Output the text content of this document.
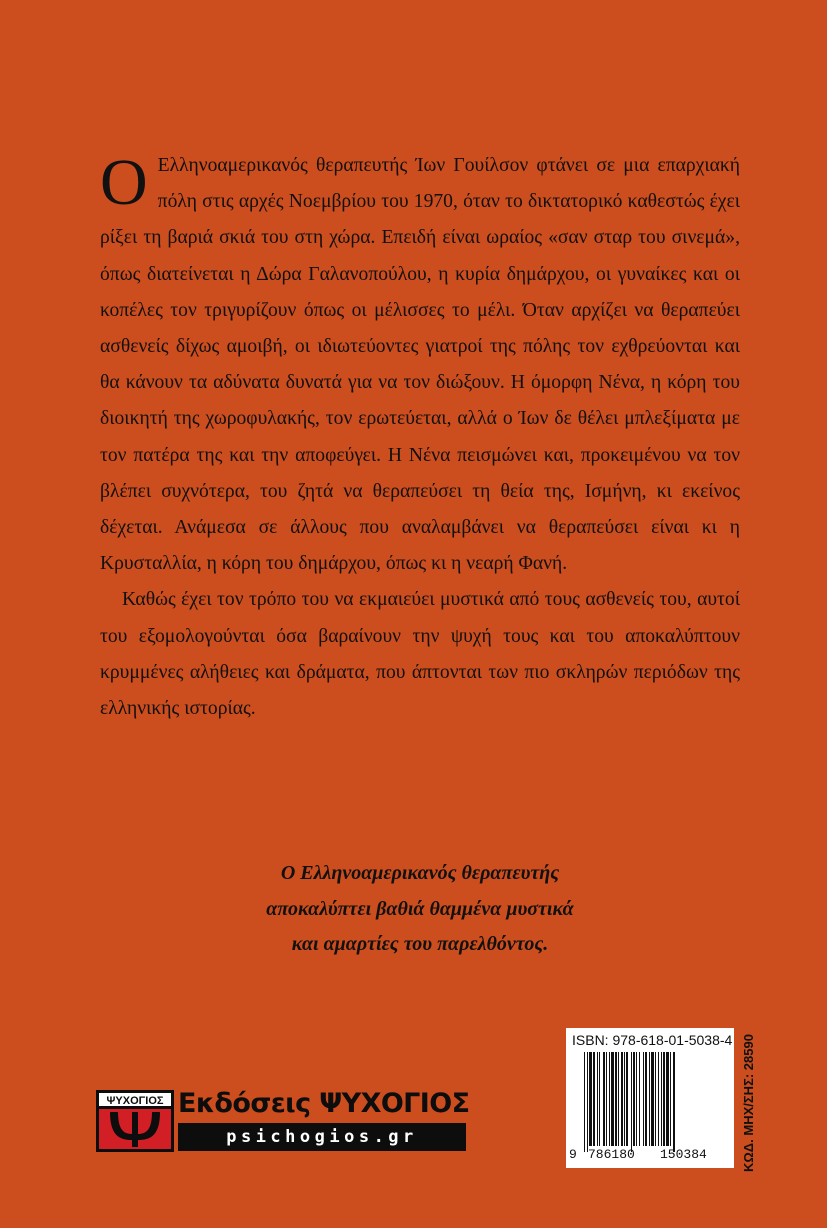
Ο Ελληνοαμερικανός θεραπευτής Ίων Γουίλσον φτάνει σε μια επαρχιακή πόλη στις αρχές Νοεμβρίου του 1970, όταν το δικτατορικό καθεστώς έχει ρίξει τη βαριά σκιά του στη χώρα. Επειδή είναι ωραίος «σαν σταρ του σινεμά», όπως διατείνεται η Δώρα Γαλανοπούλου, η κυρία δημάρχου, οι γυναίκες και οι κοπέλες τον τριγυρίζουν όπως οι μέλισσες το μέλι. Όταν αρχίζει να θεραπεύει ασθενείς δίχως αμοιβή, οι ιδιωτεύοντες γιατροί της πόλης τον εχθρεύονται και θα κάνουν τα αδύνατα δυνατά για να τον διώξουν. Η όμορφη Νένα, η κόρη του διοικητή της χωροφυλακής, τον ερωτεύεται, αλλά ο Ίων δε θέλει μπλεξίματα με τον πατέρα της και την αποφεύγει. Η Νένα πεισμώνει και, προκειμένου να τον βλέπει συχνότερα, του ζητά να θεραπεύσει τη θεία της, Ισμήνη, κι εκείνος δέχεται. Ανάμεσα σε άλλους που αναλαμβάνει να θεραπεύσει είναι κι η Κρυσταλλία, η κόρη του δημάρχου, όπως κι η νεαρή Φανή.

Καθώς έχει τον τρόπο του να εκμαιεύει μυστικά από τους ασθενείς του, αυτοί του εξομολογούνται όσα βαραίνουν την ψυχή τους και του αποκαλύπτουν κρυμμένες αλήθειες και δράματα, που άπτονται των πιο σκληρών περιόδων της ελληνικής ιστορίας.

Ο Ελληνοαμερικανός θεραπευτής
αποκαλύπτει βαθιά θαμμένα μυστικά
και αμαρτίες του παρελθόντος.
ΨΥΧΟΓΙΟΣ Εκδόσεις ΨΥΧΟΓΙΟΣ
psichogios.gr
ISBN: 978-618-01-5038-4
9 786180 150384	ΚΩΔ. ΜΗΧ/ΣΗΣ: 28590
